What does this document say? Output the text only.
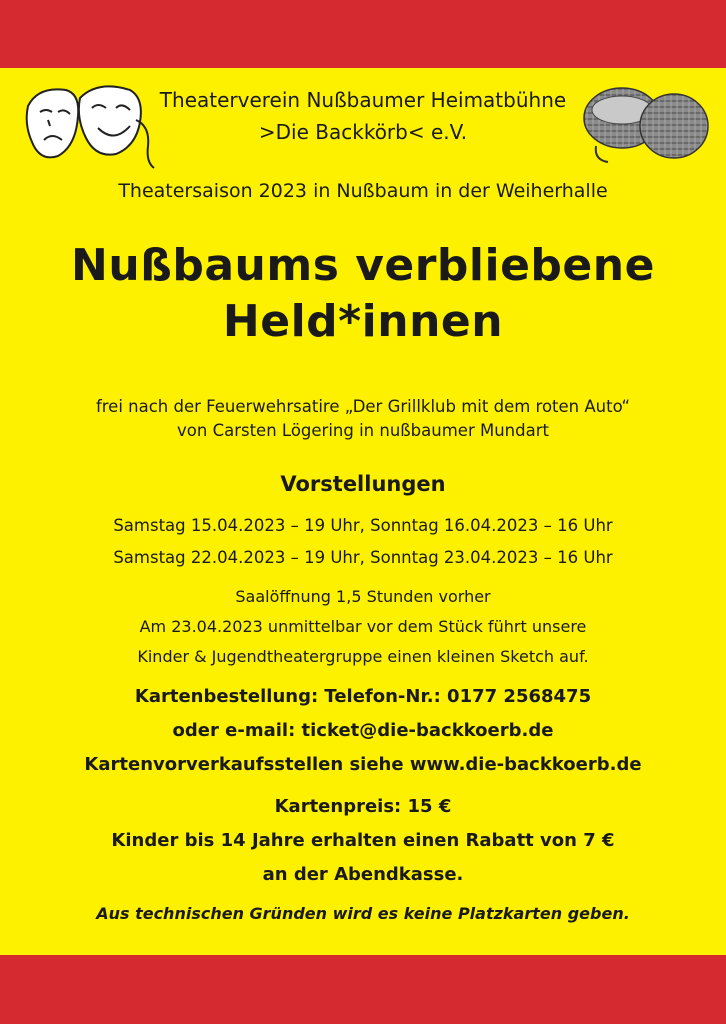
Theaterverein Nußbaumer Heimatbühne
>Die Backkörb< e.V.
Theatersaison 2023 in Nußbaum in der Weiherhalle
Nußbaums verbliebene
Held*innen
frei nach der Feuerwehrsatire „Der Grillklub mit dem roten Auto“
von Carsten Lögering in nußbaumer Mundart
Vorstellungen
Samstag 15.04.2023 – 19 Uhr, Sonntag 16.04.2023 – 16 Uhr
Samstag 22.04.2023 – 19 Uhr, Sonntag 23.04.2023 – 16 Uhr
Saalöffnung 1,5 Stunden vorher
Am 23.04.2023 unmittelbar vor dem Stück führt unsere
Kinder & Jugendtheatergruppe einen kleinen Sketch auf.
Kartenbestellung: Telefon-Nr.: 0177 2568475
oder e-mail: ticket@die-backkoerb.de
Kartenvorverkaufsstellen siehe www.die-backkoerb.de
Kartenpreis: 15 €
Kinder bis 14 Jahre erhalten einen Rabatt von 7 €
an der Abendkasse.
Aus technischen Gründen wird es keine Platzkarten geben.
